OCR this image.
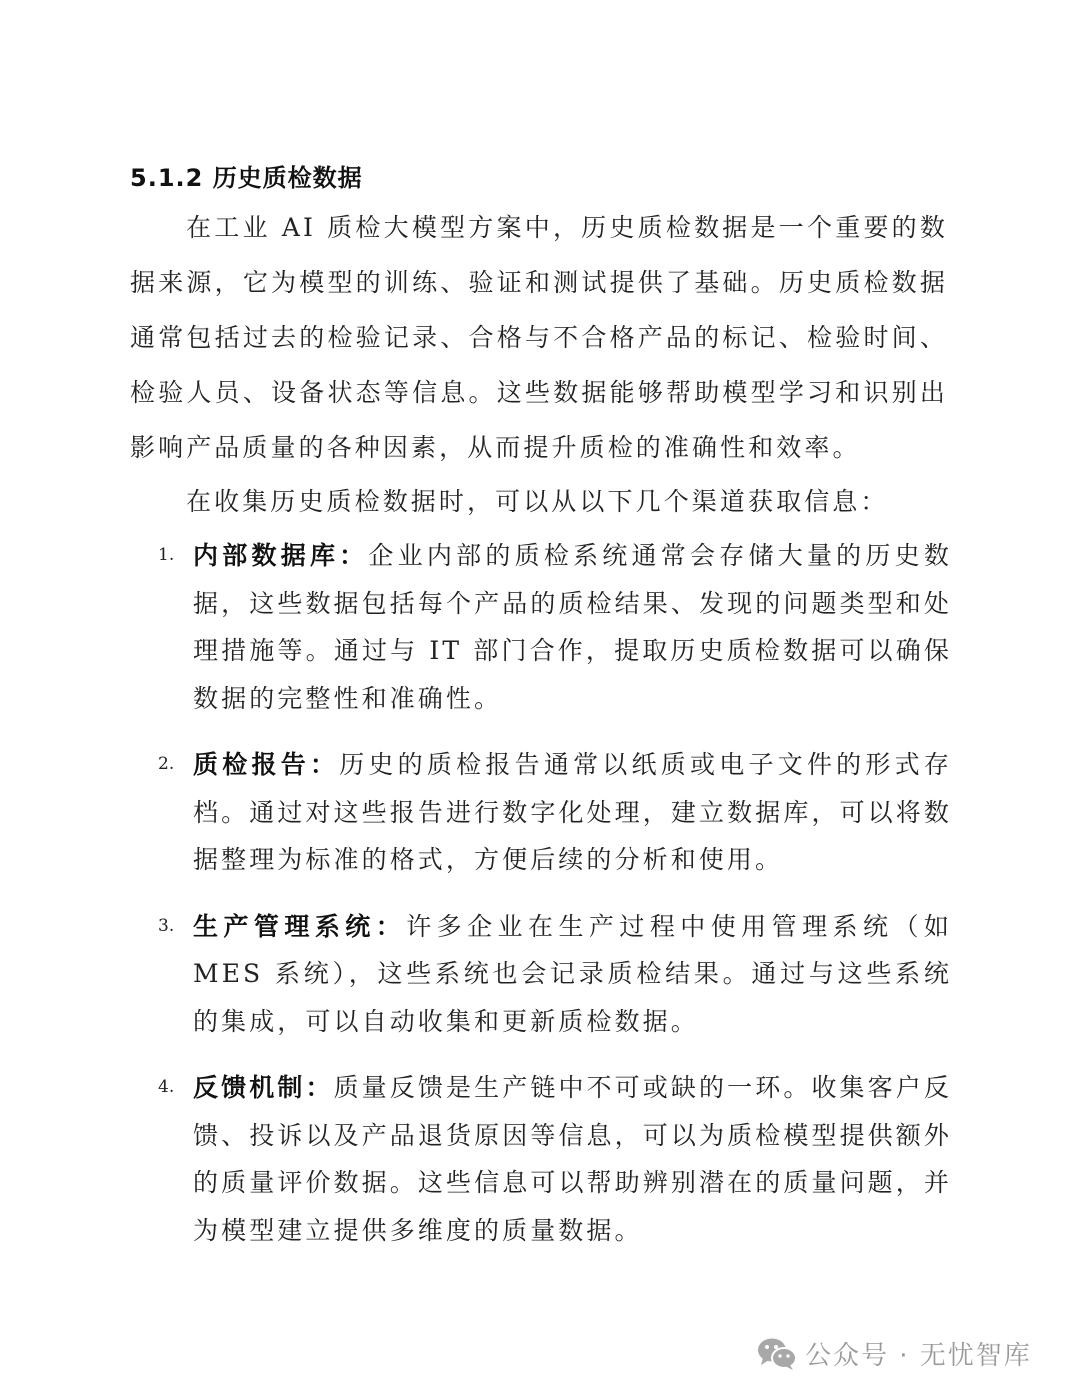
5.1.2 历史质检数据

在工业 AI 质检大模型方案中，历史质检数据是一个重要的数据来源，它为模型的训练、验证和测试提供了基础。历史质检数据通常包括过去的检验记录、合格与不合格产品的标记、检验时间、检验人员、设备状态等信息。这些数据能够帮助模型学习和识别出影响产品质量的各种因素，从而提升质检的准确性和效率。

在收集历史质检数据时，可以从以下几个渠道获取信息：

1. 内部数据库：企业内部的质检系统通常会存储大量的历史数据，这些数据包括每个产品的质检结果、发现的问题类型和处理措施等。通过与 IT 部门合作，提取历史质检数据可以确保数据的完整性和准确性。
2. 质检报告：历史的质检报告通常以纸质或电子文件的形式存档。通过对这些报告进行数字化处理，建立数据库，可以将数据整理为标准的格式，方便后续的分析和使用。
3. 生产管理系统：许多企业在生产过程中使用管理系统（如 MES 系统），这些系统也会记录质检结果。通过与这些系统的集成，可以自动收集和更新质检数据。
4. 反馈机制：质量反馈是生产链中不可或缺的一环。收集客户反馈、投诉以及产品退货原因等信息，可以为质检模型提供额外的质量评价数据。这些信息可以帮助辨别潜在的质量问题，并为模型建立提供多维度的质量数据。
公众号 · 无忧智库
